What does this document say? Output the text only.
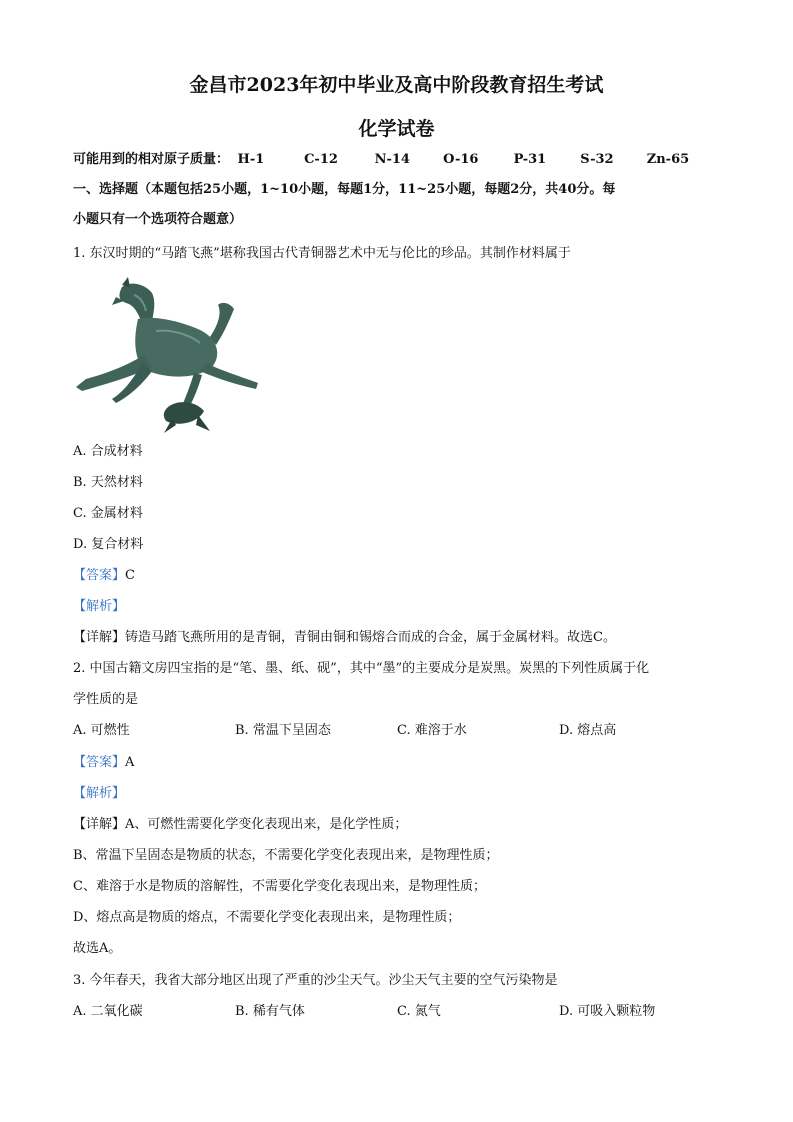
金昌市2023年初中毕业及高中阶段教育招生考试
化学试卷
可能用到的相对原子质量： H-1	C-12	N-14	O-16	P-31	S-32	Zn-65
一、选择题（本题包括25小题，1~10小题，每题1分，11~25小题，每题2分，共40分。每
小题只有一个选项符合题意）
1. 东汉时期的“马踏飞燕”堪称我国古代青铜器艺术中无与伦比的珍品。其制作材料属于
A. 合成材料
B. 天然材料
C. 金属材料
D. 复合材料
【答案】C
【解析】
【详解】铸造马踏飞燕所用的是青铜，青铜由铜和锡熔合而成的合金，属于金属材料。故选C。
2. 中国古籍文房四宝指的是“笔、墨、纸、砚”，其中“墨”的主要成分是炭黑。炭黑的下列性质属于化
学性质的是
A. 可燃性	B. 常温下呈固态	C. 难溶于水	D. 熔点高
【答案】A
【解析】
【详解】A、可燃性需要化学变化表现出来，是化学性质；
B、常温下呈固态是物质的状态，不需要化学变化表现出来，是物理性质；
C、难溶于水是物质的溶解性，不需要化学变化表现出来，是物理性质；
D、熔点高是物质的熔点，不需要化学变化表现出来，是物理性质；
故选A。
3. 今年春天，我省大部分地区出现了严重的沙尘天气。沙尘天气主要的空气污染物是
A. 二氧化碳	B. 稀有气体	C. 氮气	D. 可吸入颗粒物
